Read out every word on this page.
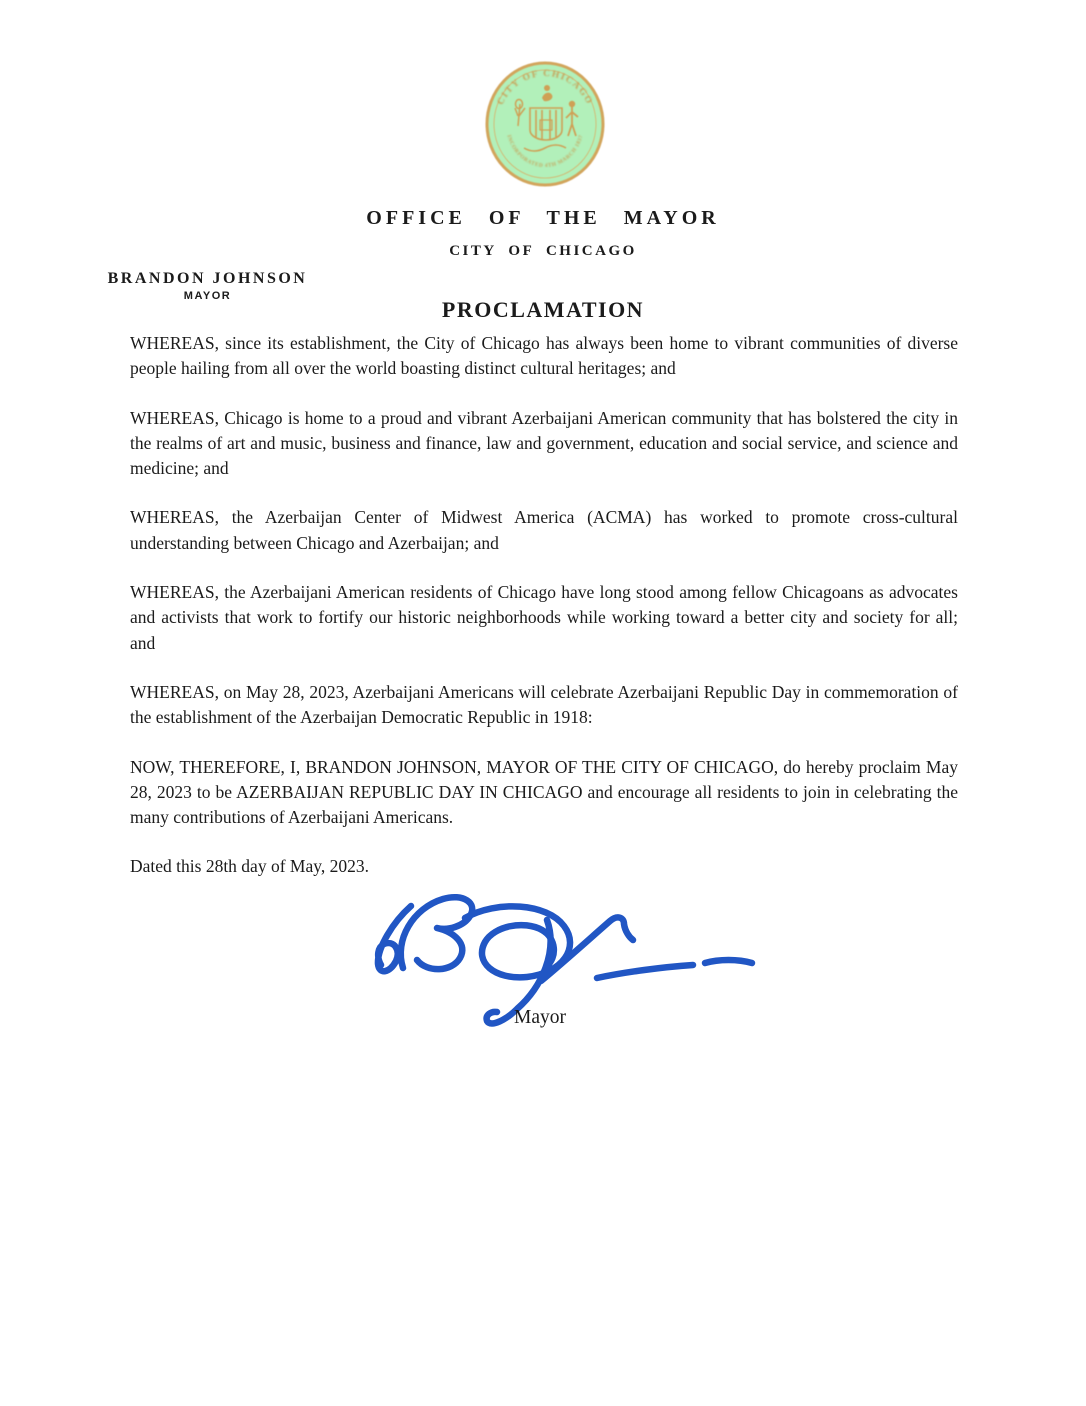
CITY OF CHICAGO
INCORPORATED 4TH MARCH 1837
OFFICE OF THE MAYOR
CITY OF CHICAGO
BRANDON JOHNSON
MAYOR
PROCLAMATION

WHEREAS, since its establishment, the City of Chicago has always been home to vibrant communities of diverse people hailing from all over the world boasting distinct cultural heritages; and

WHEREAS, Chicago is home to a proud and vibrant Azerbaijani American community that has bolstered the city in the realms of art and music, business and finance, law and government, education and social service, and science and medicine; and

WHEREAS, the Azerbaijan Center of Midwest America (ACMA) has worked to promote cross-cultural understanding between Chicago and Azerbaijan; and

WHEREAS, the Azerbaijani American residents of Chicago have long stood among fellow Chicagoans as advocates and activists that work to fortify our historic neighborhoods while working toward a better city and society for all; and

WHEREAS, on May 28, 2023, Azerbaijani Americans will celebrate Azerbaijani Republic Day in commemoration of the establishment of the Azerbaijan Democratic Republic in 1918:

NOW, THEREFORE, I, BRANDON JOHNSON, MAYOR OF THE CITY OF CHICAGO, do hereby proclaim May 28, 2023 to be AZERBAIJAN REPUBLIC DAY IN CHICAGO and encourage all residents to join in celebrating the many contributions of Azerbaijani Americans.

Dated this 28th day of May, 2023.

Mayor
